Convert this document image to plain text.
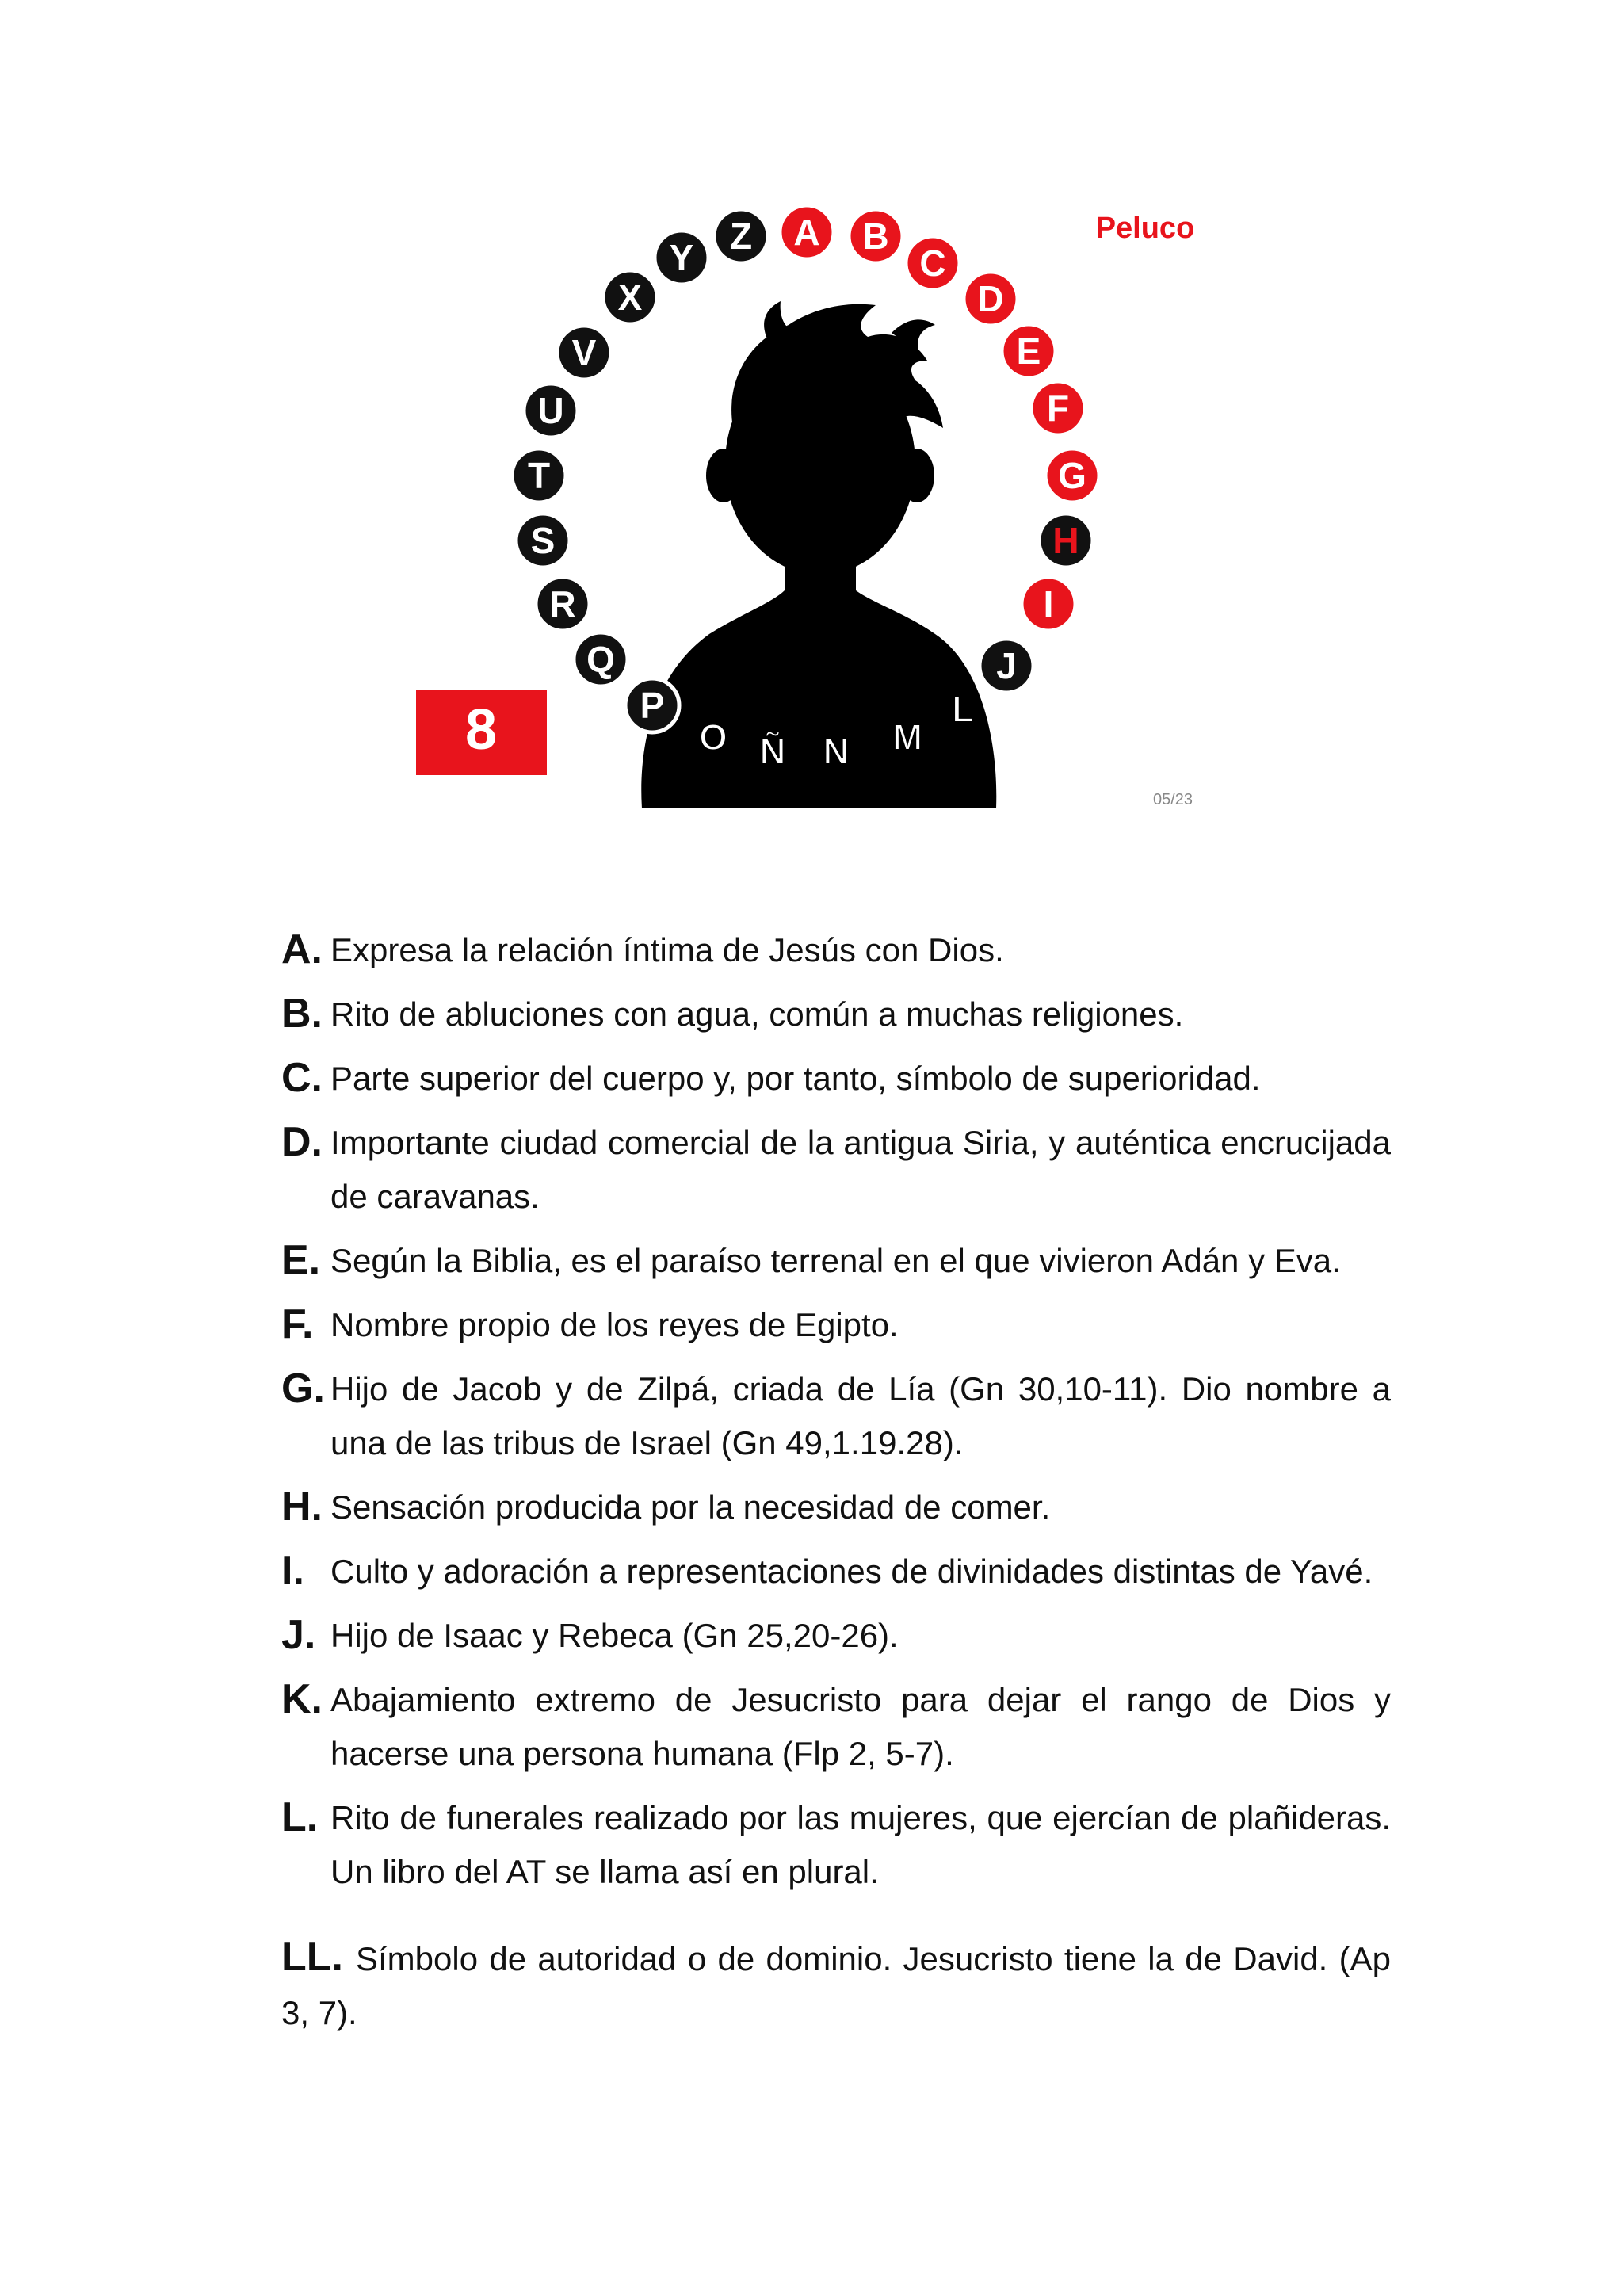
8
Peluco
05/23
A B
C
D
E
F
G
H
I
J
L
M
N
Ñ
O
P
Q
R
S
T
U
V
X
Y
Z
A. Expresa la relación íntima de Jesús con Dios.
B. Rito de abluciones con agua, común a muchas religiones.
C. Parte superior del cuerpo y, por tanto, símbolo de superioridad.
D. Importante ciudad comercial de la antigua Siria, y auténtica encrucijada de caravanas.
E. Según la Biblia, es el paraíso terrenal en el que vivieron Adán y Eva.
F. Nombre propio de los reyes de Egipto.
G. Hijo de Jacob y de Zilpá, criada de Lía (Gn 30,10-11). Dio nombre a una de las tribus de Israel (Gn 49,1.19.28).
H. Sensación producida por la necesidad de comer.
I. Culto y adoración a representaciones de divinidades distintas de Yavé.
J. Hijo de Isaac y Rebeca (Gn 25,20-26).
K. Abajamiento extremo de Jesucristo para dejar el rango de Dios y hacerse una persona humana (Flp 2, 5-7).
L. Rito de funerales realizado por las mujeres, que ejercían de plañideras. Un libro del AT se llama así en plural.
LL. Símbolo de autoridad o de dominio. Jesucristo tiene la de David. (Ap 3, 7).
